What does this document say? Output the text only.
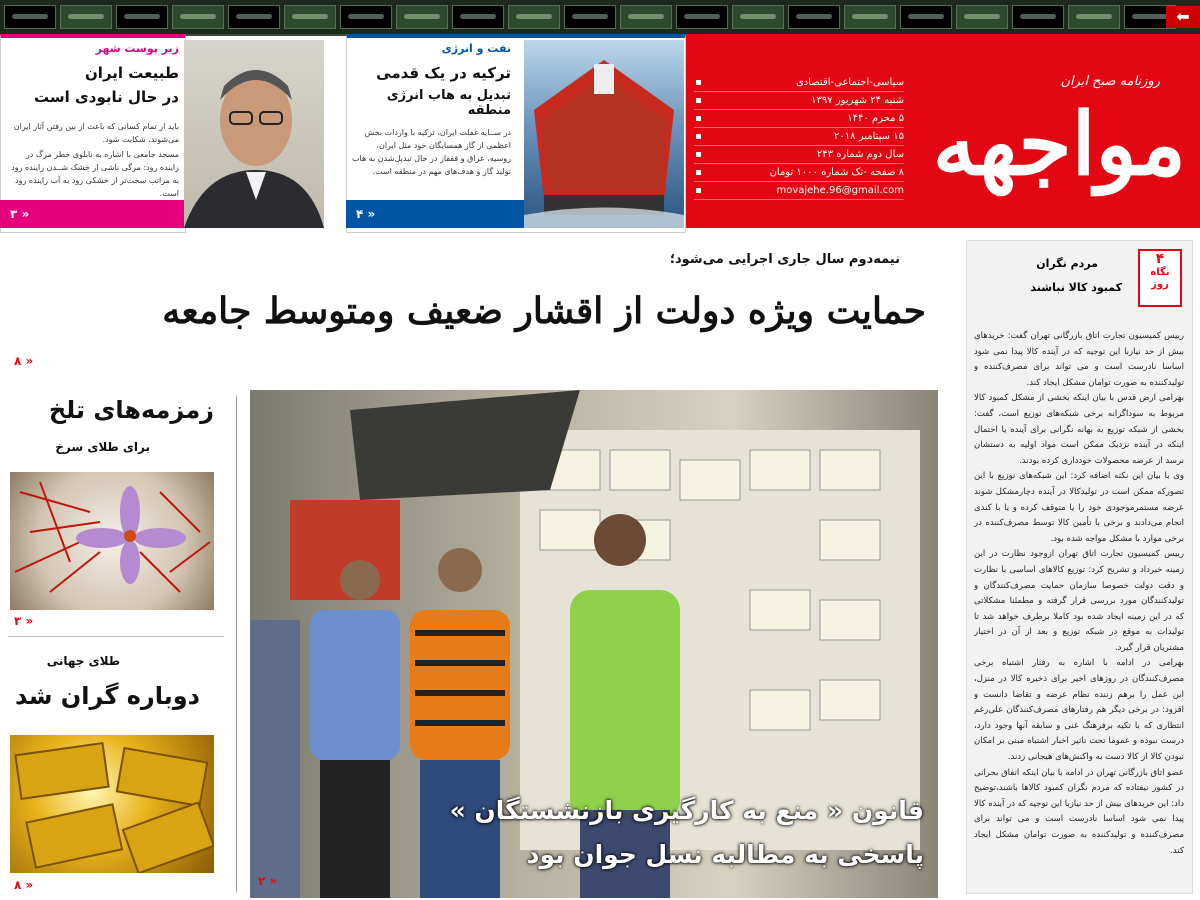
⬅
روزنامه صبح ایران
مواجهه
سیاسی-اجتماعی-اقتصادی
شنبه ۲۴ شهریور ۱۳۹۷
۵ محرم ۱۴۴۰
۱۵ سپتامبر ۲۰۱۸
سال دوم شماره ۲۴۳
۸ صفحه -تک شماره ۱۰۰۰ تومان
movajehe.96@gmail.com
نفت و انرژی
ترکیه در یک قدمی
تبدیل به هاب انرژی منطقه
در ســایه غفلت ایران، ترکیه با واردات بخش اعظمی از گاز همسایگان خود مثل ایران، روسیه، عراق و قفقاز در حال تبدیل‌شدن به هاب تولید گاز و هدف‌های مهم در منطقه است.
۴ »
زیر پوست شهر
طبیعت ایران
در حال نابودی است
باید از تمام کسانی که باعث از بین رفتن آثار ایران می‌شوند، شکایت شود.
مسجد جامعی با اشاره به نابلوی خطر مرگ در زاینده رود: مرگی ناشی از خشک شــدن زاینده رود به مراتب سخت‌تر از خشکی رود به آب زاینده رود است.
۳ »
نیمه‌دوم سال جاری اجرایی می‌شود؛
حمایت ویژه دولت از اقشار ضعیف ومتوسط جامعه
۸ »
قانون « منع به کارگیری بازنشستگان »
پاسخی به مطالبه نسل جوان بود
۲ »
زمزمه‌های تلخ
برای طلای سرخ
۳ »
طلای جهانی
دوباره گران شد
۸ »
۴
نگاه روز
مردم نگران
کمبود کالا نباشند
رییس کمیسیون تجارت اتاق بازرگانی تهران گفت: خریدهای بیش از حد نیازبا این توجیه که در آینده کالا پیدا نمی شود اساسا نادرست است و می تواند برای مصرف‌کننده و تولیدکننده به صورت توامان مشکل ایجاد کند.
بهرامی ارض قدس با بیان اینکه بخشی از مشکل کمبود کالا مربوط به سوداگرانه برخی شبکه‌های توزیع است، گفت: بخشی از شبکه توزیع به بهانه نگرانی برای آینده یا احتمال اینکه در آینده نزدیک ممکن است مواد اولیه به دستشان نرسد از عرضه محصولات خودداری کرده بودند.
وی با بیان این نکته اضافه کرد: این شبکه‌های توزیع با این تصورکه ممکن است در تولیدکالا در آینده دچارمشکل شوند عرضه مستمرموجودی خود را یا متوقف کرده و یا با کندی انجام می‌دادند و برخی با تأمین کالا توسط مصرف‌کننده در برخی موارد با مشکل مواجه شده بود.
رییس کمیسیون تجارت اتاق تهران ازوجود نظارت در این زمینه خبرداد و تشریح کرد: توزیع کالاهای اساسی با نظارت و دقت دولت خصوصا سازمان حمایت مصرف‌کنندگان و تولیدکنندگان مورد بررسی قرار گرفته و مطمئنا مشکلاتی که در این زمینه ایجاد شده بود کاملا برطرف خواهد شد تا تولیدات به موقع در شبکه توزیع و بعد از آن در اختیار مشتریان قرار گیرد.
بهرامی در ادامه با اشاره به رفتار اشتباه برخی مصرف‌کنندگان در روزهای اخیر برای ذخیره کالا در منزل، این عمل را برهم زننده نظام عرضه و تقاضا دانست و افزود: در برخی دیگر هم رفتارهای مصرف‌کنندگان علی‌رغم انتظاری که با تکیه برفرهنگ غنی و سابقه آنها وجود دارد، درست نبوده و عموما تحت تاثیر اخبار اشتباه مبنی بر امکان نبودن کالا از کالا دست به واکنش‌های هیجانی زدند.
عضو اتاق بازرگانی تهران در ادامه با بیان اینکه اتفاق بحرانی در کشور نیفتاده که مردم نگران کمبود کالاها باشند،توضیح داد: این خریدهای بیش از حد نیازبا این توجیه که در آینده کالا پیدا نمی شود اساسا نادرست است و می تواند برای مصرف‌کننده و تولیدکننده به صورت توامان مشکل ایجاد کند.
